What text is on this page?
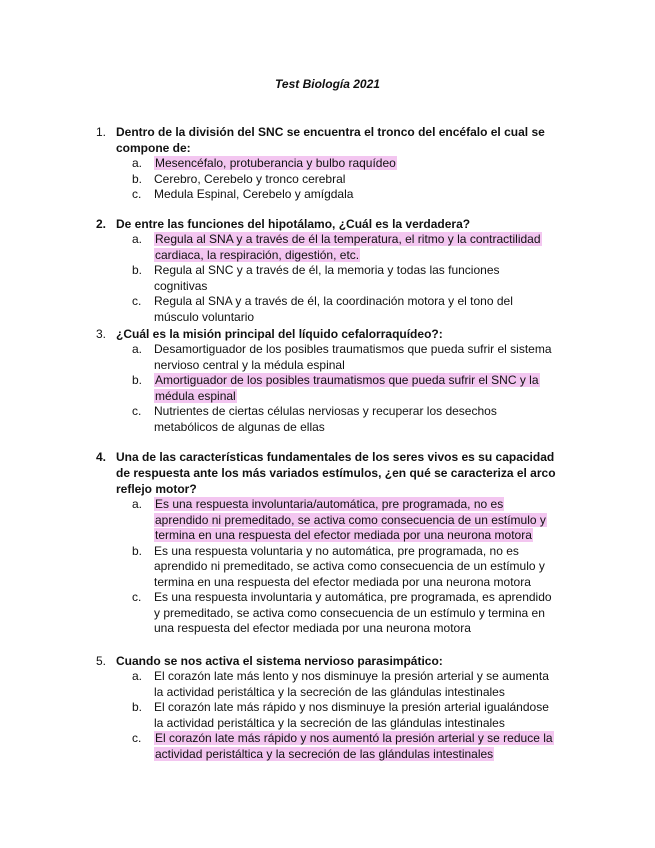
Test Biología 2021
1. Dentro de la división del SNC se encuentra el tronco del encéfalo el cual se compone de:
a. Mesencéfalo, protuberancia y bulbo raquídeo
b. Cerebro, Cerebelo y tronco cerebral
c. Medula Espinal, Cerebelo y amígdala
2. De entre las funciones del hipotálamo, ¿Cuál es la verdadera?
a. Regula al SNA y a través de él la temperatura, el ritmo y la contractilidad cardiaca, la respiración, digestión, etc.
b. Regula al SNC y a través de él, la memoria y todas las funciones cognitivas
c. Regula al SNA y a través de él, la coordinación motora y el tono del músculo voluntario
3. ¿Cuál es la misión principal del líquido cefalorraquídeo?:
a. Desamortiguador de los posibles traumatismos que pueda sufrir el sistema nervioso central y la médula espinal
b. Amortiguador de los posibles traumatismos que pueda sufrir el SNC y la médula espinal
c. Nutrientes de ciertas células nerviosas y recuperar los desechos metabólicos de algunas de ellas
4. Una de las características fundamentales de los seres vivos es su capacidad de respuesta ante los más variados estímulos, ¿en qué se caracteriza el arco reflejo motor?
a. Es una respuesta involuntaria/automática, pre programada, no es aprendido ni premeditado, se activa como consecuencia de un estímulo y termina en una respuesta del efector mediada por una neurona motora
b. Es una respuesta voluntaria y no automática, pre programada, no es aprendido ni premeditado, se activa como consecuencia de un estímulo y termina en una respuesta del efector mediada por una neurona motora
c. Es una respuesta involuntaria y automática, pre programada, es aprendido y premeditado, se activa como consecuencia de un estímulo y termina en una respuesta del efector mediada por una neurona motora
5. Cuando se nos activa el sistema nervioso parasimpático:
a. El corazón late más lento y nos disminuye la presión arterial y se aumenta la actividad peristáltica y la secreción de las glándulas intestinales
b. El corazón late más rápido y nos disminuye la presión arterial igualándose la actividad peristáltica y la secreción de las glándulas intestinales
c. El corazón late más rápido y nos aumentó la presión arterial y se reduce la actividad peristáltica y la secreción de las glándulas intestinales
